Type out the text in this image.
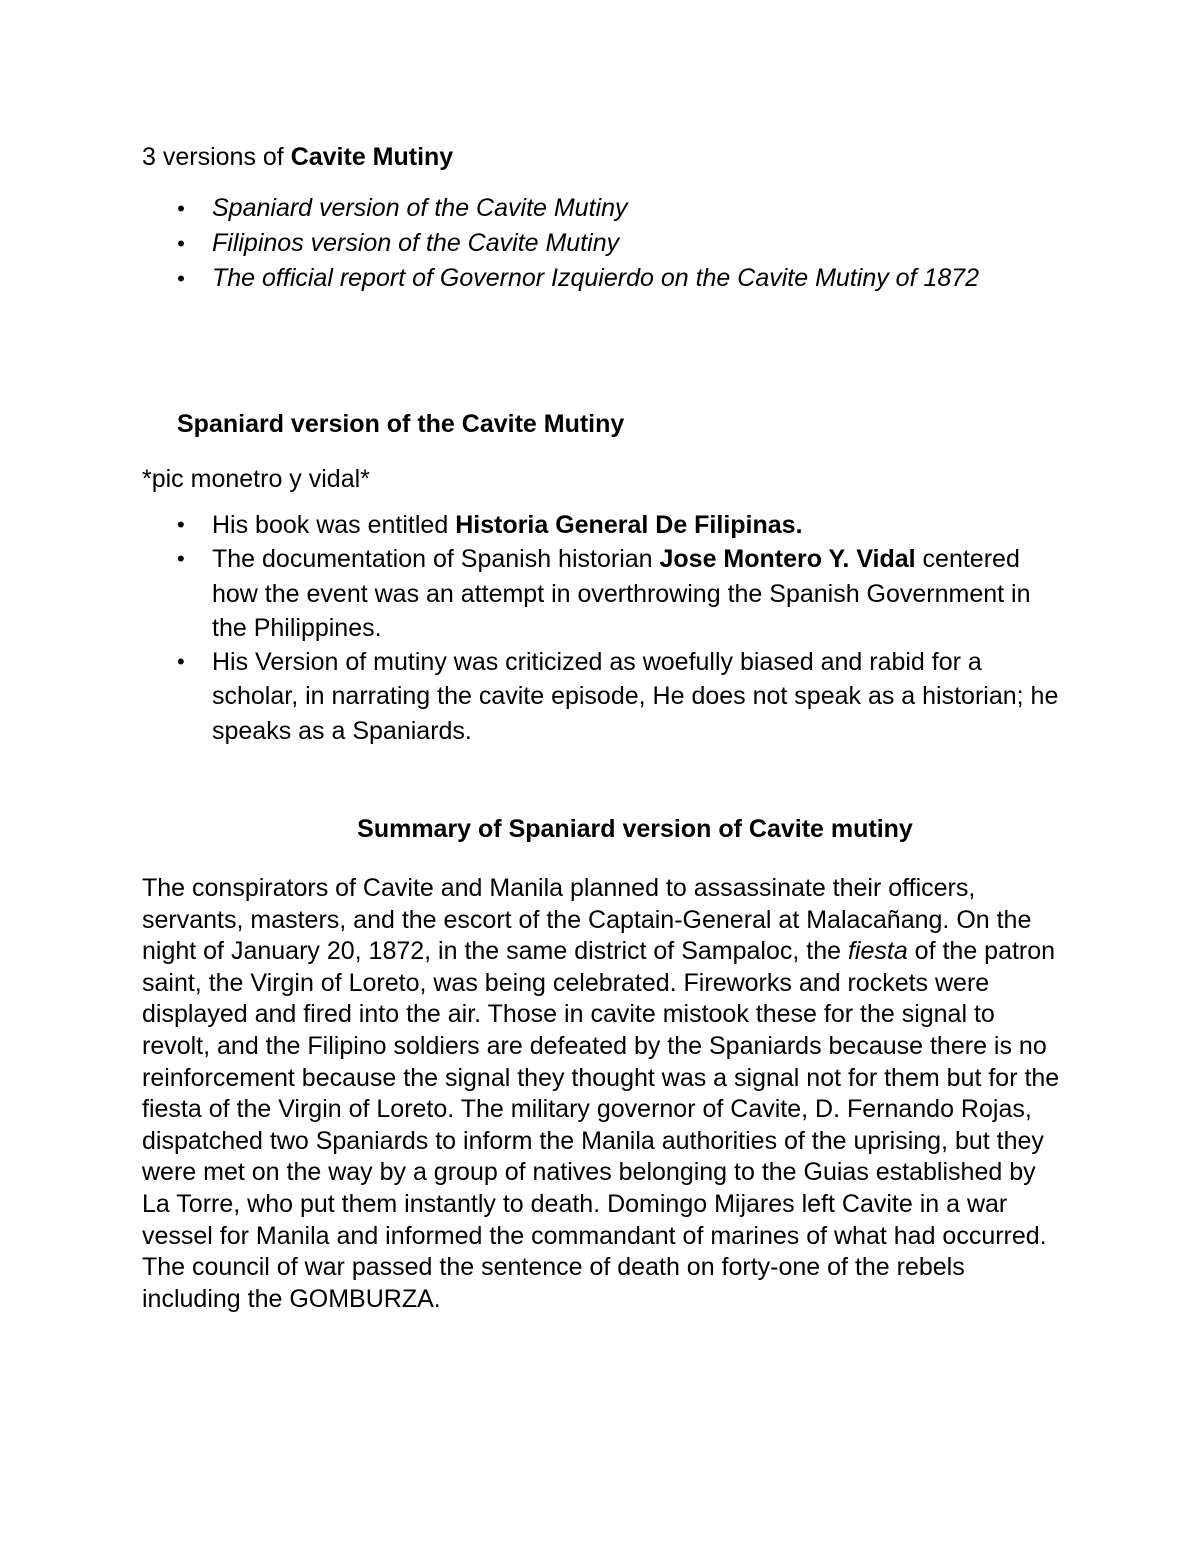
3 versions of Cavite Mutiny

• Spaniard version of the Cavite Mutiny
• Filipinos version of the Cavite Mutiny
• The official report of Governor Izquierdo on the Cavite Mutiny of 1872
Spaniard version of the Cavite Mutiny

*pic monetro y vidal*

• His book was entitled Historia General De Filipinas.
• The documentation of Spanish historian Jose Montero Y. Vidal centered how the event was an attempt in overthrowing the Spanish Government in the Philippines.
• His Version of mutiny was criticized as woefully biased and rabid for a scholar, in narrating the cavite episode, He does not speak as a historian; he speaks as a Spaniards.
Summary of Spaniard version of Cavite mutiny

The conspirators of Cavite and Manila planned to assassinate their officers, servants, masters, and the escort of the Captain-General at Malacañang. On the night of January 20, 1872, in the same district of Sampaloc, the fiesta of the patron saint, the Virgin of Loreto, was being celebrated. Fireworks and rockets were displayed and fired into the air. Those in cavite mistook these for the signal to revolt, and the Filipino soldiers are defeated by the Spaniards because there is no reinforcement because the signal they thought was a signal not for them but for the fiesta of the Virgin of Loreto. The military governor of Cavite, D. Fernando Rojas, dispatched two Spaniards to inform the Manila authorities of the uprising, but they were met on the way by a group of natives belonging to the Guias established by La Torre, who put them instantly to death. Domingo Mijares left Cavite in a war vessel for Manila and informed the commandant of marines of what had occurred. The council of war passed the sentence of death on forty-one of the rebels including the GOMBURZA.
